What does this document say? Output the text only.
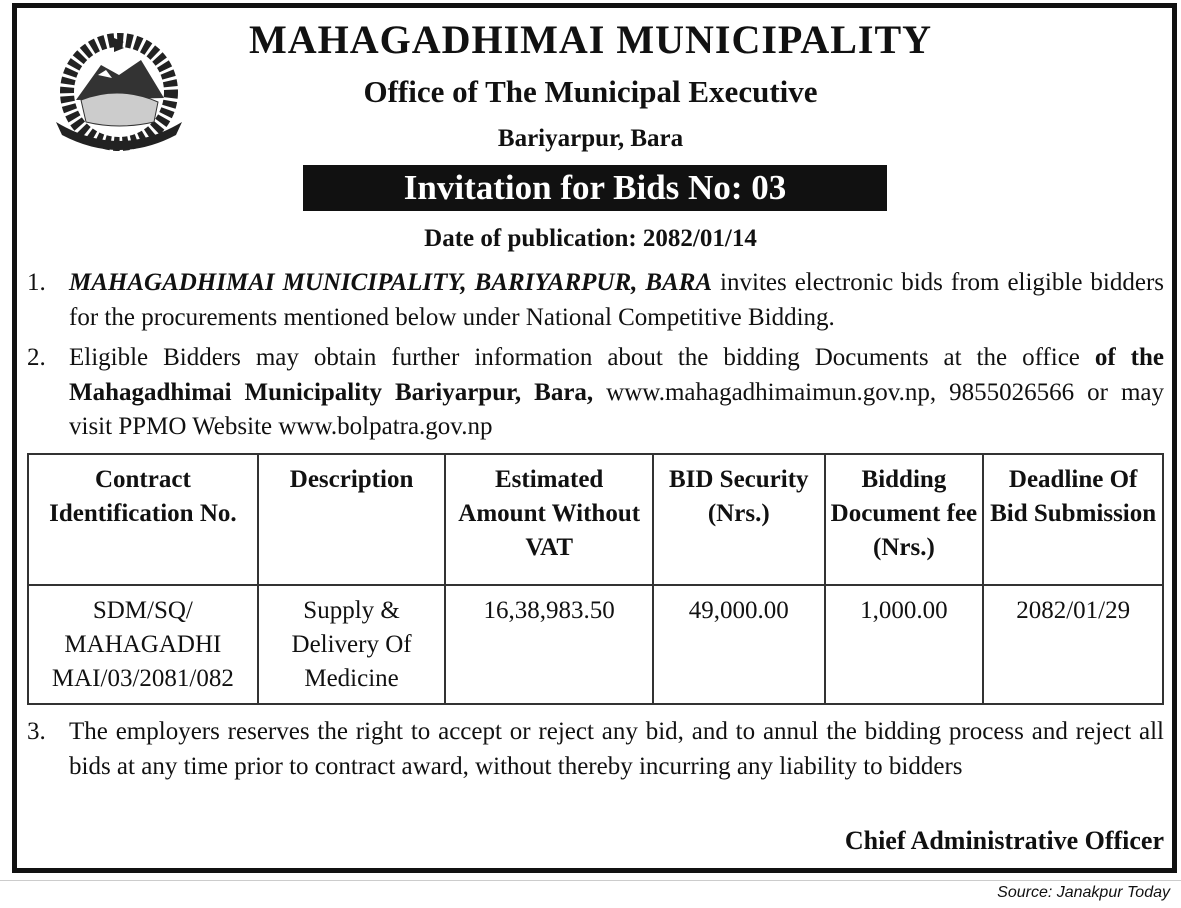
MAHAGADHIMAI MUNICIPALITY
Office of The Municipal Executive
Bariyarpur, Bara
Invitation for Bids No: 03
Date of publication: 2082/01/14
1. MAHAGADHIMAI MUNICIPALITY, BARIYARPUR, BARA invites electronic bids from eligible bidders for the procurements mentioned below under National Competitive Bidding.
2. Eligible Bidders may obtain further information about the bidding Documents at the office of the Mahagadhimai Municipality Bariyarpur, Bara, www.mahagadhimaimun.gov.np, 9855026566 or may visit PPMO Website www.bolpatra.gov.np
Contract Identification No.	Description	Estimated Amount Without VAT	BID Security (Nrs.)	Bidding Document fee (Nrs.)	Deadline Of Bid Submission
SDM/SQ/ MAHAGADHI MAI/03/2081/082	Supply & Delivery Of Medicine	16,38,983.50	49,000.00	1,000.00	2082/01/29
3. The employers reserves the right to accept or reject any bid, and to annul the bidding process and reject all bids at any time prior to contract award, without thereby incurring any liability to bidders
Chief Administrative Officer
Source: Janakpur Today
